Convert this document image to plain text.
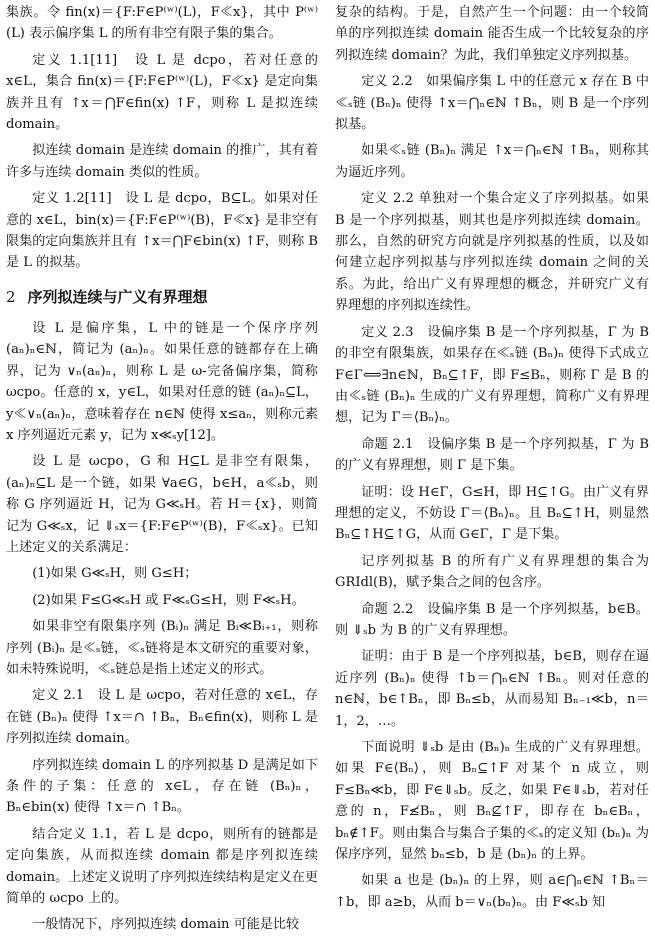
集族。令 fin(x)＝{F:F∈P⁽ʷ⁾(L)，F≪x}，其中 P⁽ʷ⁾(L) 表示偏序集 L 的所有非空有限子集的集合。

定义 1.1[11]　设 L 是 dcpo，若对任意的 x∈L，集合 fin(x)＝{F:F∈P⁽ʷ⁾(L)，F≪x} 是定向集族并且有 ↑x＝⋂F∈fin(x) ↑F，则称 L 是拟连续 domain。

拟连续 domain 是连续 domain 的推广，其有着许多与连续 domain 类似的性质。

定义 1.2[11]　设 L 是 dcpo，B⊆L。如果对任意的 x∈L，bin(x)＝{F:F∈P⁽ʷ⁾(B)，F≪x} 是非空有限集的定向集族并且有 ↑x＝⋂F∈bin(x) ↑F，则称 B 是 L 的拟基。

2 序列拟连续与广义有界理想

设 L 是偏序集，L 中的链是一个保序序列 (aₙ)ₙ∈ℕ，简记为 (aₙ)ₙ。如果任意的链都存在上确界，记为 ∨ₙ(aₙ)ₙ，则称 L 是 ω-完备偏序集，简称 ωcpo。任意的 x，y∈L，如果对任意的链 (aₙ)ₙ⊆L，y≪∨ₙ(aₙ)ₙ，意味着存在 n∈ℕ 使得 x≤aₙ，则称元素 x 序列逼近元素 y，记为 x≪ₛy[12]。

设 L 是 ωcpo，G 和 H⊆L 是非空有限集，(aₙ)ₙ⊆L 是一个链，如果 ∀a∈G，b∈H，a≪ₛb，则称 G 序列逼近 H，记为 G≪ₛH。若 H＝{x}，则简记为 G≪ₛx，记 ⇓ₛx＝{F:F∈P⁽ʷ⁾(B)，F≪ₛx}。已知上述定义的关系满足：

(1)如果 G≪ₛH，则 G≤H；

(2)如果 F≤G≪ₛH 或 F≪ₛG≤H，则 F≪ₛH。

如果非空有限集序列 (Bᵢ)ₙ 满足 Bᵢ≪Bᵢ₊₁，则称序列 (Bᵢ)ₙ 是≪ₛ链，≪ₛ链将是本文研究的重要对象，如未特殊说明，≪ₛ链总是指上述定义的形式。

定义 2.1　设 L 是 ωcpo，若对任意的 x∈L，存在链 (Bₙ)ₙ 使得 ↑x＝∩ ↑Bₙ，Bₙ∈fin(x)，则称 L 是序列拟连续 domain。

序列拟连续 domain L 的序列拟基 D 是满足如下条件的子集：任意的 x∈L，存在链 (Bₙ)ₙ，Bₙ∈bin(x) 使得 ↑x＝∩ ↑Bₙ。

结合定义 1.1，若 L 是 dcpo，则所有的链都是定向集族，从而拟连续 domain 都是序列拟连续 domain。上述定义说明了序列拟连续结构是定义在更简单的 ωcpo 上的。

一般情况下，序列拟连续 domain 可能是比较

复杂的结构。于是，自然产生一个问题：由一个较简单的序列拟连续 domain 能否生成一个比较复杂的序列拟连续 domain？为此，我们单独定义序列拟基。

定义 2.2　如果偏序集 L 中的任意元 x 存在 B 中≪ₛ链 (Bₙ)ₙ 使得 ↑x＝⋂ₙ∈ℕ ↑Bₙ，则 B 是一个序列拟基。

如果≪ₛ链 (Bₙ)ₙ 满足 ↑x＝⋂ₙ∈ℕ ↑Bₙ，则称其为逼近序列。

定义 2.2 单独对一个集合定义了序列拟基。如果 B 是一个序列拟基，则其也是序列拟连续 domain。那么，自然的研究方向就是序列拟基的性质，以及如何建立起序列拟基与序列拟连续 domain 之间的关系。为此，给出广义有界理想的概念，并研究广义有界理想的序列拟连续性。

定义 2.3　设偏序集 B 是一个序列拟基，Γ 为 B 的非空有限集族，如果存在≪ₛ链 (Bₙ)ₙ 使得下式成立 F∈Γ⟺∃n∈ℕ，Bₙ⊆↑F，即 F≤Bₙ，则称 Γ 是 B 的由≪ₛ链 (Bₙ)ₙ 生成的广义有界理想，简称广义有界理想，记为 Γ＝⟨Bₙ⟩ₙ。

命题 2.1　设偏序集 B 是一个序列拟基，Γ 为 B 的广义有界理想，则 Γ 是下集。

证明：设 H∈Γ，G≤H，即 H⊆↑G。由广义有界理想的定义，不妨设 Γ＝⟨Bₙ⟩ₙ。且 Bₙ⊆↑H，则显然 Bₙ⊆↑H⊆↑G，从而 G∈Γ，Γ 是下集。

记序列拟基 B 的所有广义有界理想的集合为 GRIdl(B)，赋予集合之间的包含序。

命题 2.2　设偏序集 B 是一个序列拟基，b∈B。则 ⇓ₛb 为 B 的广义有界理想。

证明：由于 B 是一个序列拟基，b∈B，则存在逼近序列 (Bₙ)ₙ 使得 ↑b＝⋂ₙ∈ℕ ↑Bₙ。则对任意的 n∈ℕ，b∈↑Bₙ，即 Bₙ≤b，从而易知 Bₙ₋₁≪b，n＝1，2，…。

下面说明 ⇓ₛb 是由 (Bₙ)ₙ 生成的广义有界理想。如果 F∈⟨Bₙ⟩，则 Bₙ⊆↑F 对某个 n 成立，则 F≤Bₙ≪b，即 F∈⇓ₛb。反之，如果 F∈⇓ₛb，若对任意的 n，F≰Bₙ，则 Bₙ⊈↑F，即存在 bₙ∈Bₙ，bₙ∉↑F。则由集合与集合子集的≪ₛ的定义知 (bₙ)ₙ 为保序序列，显然 bₙ≤b，b 是 (bₙ)ₙ 的上界。

如果 a 也是 (bₙ)ₙ 的上界，则 a∈⋂ₙ∈ℕ ↑Bₙ＝↑b，即 a≥b，从而 b＝∨ₙ(bₙ)ₙ。由 F≪ₛb 知
